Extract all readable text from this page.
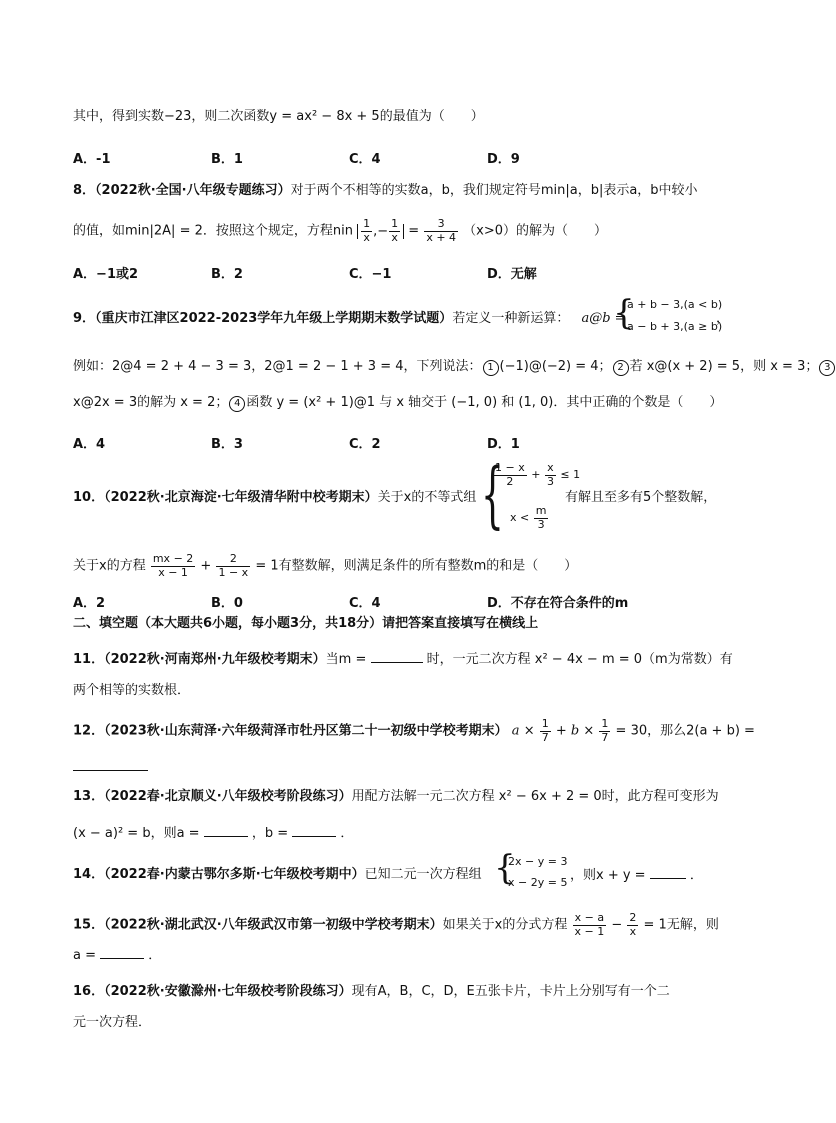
其中，得到实数−23，则二次函数y = ax² − 8x + 5的最值为（　　）
A．-1	B．1	C．4	D．9
8．（2022秋·全国·八年级专题练习）对于两个不相等的实数a，b，我们规定符号min|a，b|表示a，b中较小
的值，如min|2A| = 2．按照这个规定，方程nin $\frac{1}{x}$ ,− $\frac{1}{x} = \frac{3}{x + 4} (x>0)$的解为（　　）
A．−1或2	B．2	C．−1	D．无解
9．（重庆市江津区2022-2023学年九年级上学期期末数学试题）若定义一种新运算： a@b =
{
a + b − 3,(a < b)
a − b + 3,(a ≥ b)
，
例如：2@4 = 2 + 4 − 3 = 3，2@1 = 2 − 1 + 3 = 4，下列说法： 1 (−1)@(−2) = 4； 2 若 x@(x + 2) = 5，则 x = 3； 3
x@2x = 3的解为 x = 2； 4 函数 y = (x² + 1)@1 与 x 轴交于 (−1, 0) 和 (1, 0)．其中正确的个数是（　　）
A．4	B．3	C．2	D．1
10．（2022秋·北京海淀·七年级清华附中校考期末）关于x的不等式组 {
$\frac{1 - x}{2} + \frac{x}{3} \le 1$
$x < \frac{m}{3}$
有解且至多有5个整数解，
关于x的方程 $\frac{mx - 2}{x - 1} + \frac{2}{1 - x} = 1$有整数解，则满足条件的所有整数m的和是（　　）
A．2	B．0	C．4	D．不存在符合条件的m
二、填空题（本大题共6小题，每小题3分，共18分）请把答案直接填写在横线上
11．（2022秋·河南郑州·九年级校考期末）当m =	时，一元二次方程 x² − 4x − m = 0（m为常数）有
两个相等的实数根．
12．（2023秋·山东菏泽·六年级菏泽市牡丹区第二十一初级中学校考期末） $a \times \frac{1}{7} + b \times \frac{1}{7} = 30$，那么2(a + b) =
13．（2022春·北京顺义·八年级校考阶段练习）用配方法解一元二次方程 x² − 6x + 2 = 0时，此方程可变形为
(x − a)² = b，则a =	，b =	．
14．（2022春·内蒙古鄂尔多斯·七年级校考期中）已知二元一次方程组 {
2x − y = 3
x − 2y = 5 ，则x + y =	．
15．（2022秋·湖北武汉·八年级武汉市第一初级中学校考期末）如果关于x的分式方程 $\frac{x - a}{x - 1} - \frac{2}{x} = 1$无解，则
a =	．
16．（2022秋·安徽滁州·七年级校考阶段练习）现有A，B，C，D，E五张卡片，卡片上分别写有一个二
元一次方程．
